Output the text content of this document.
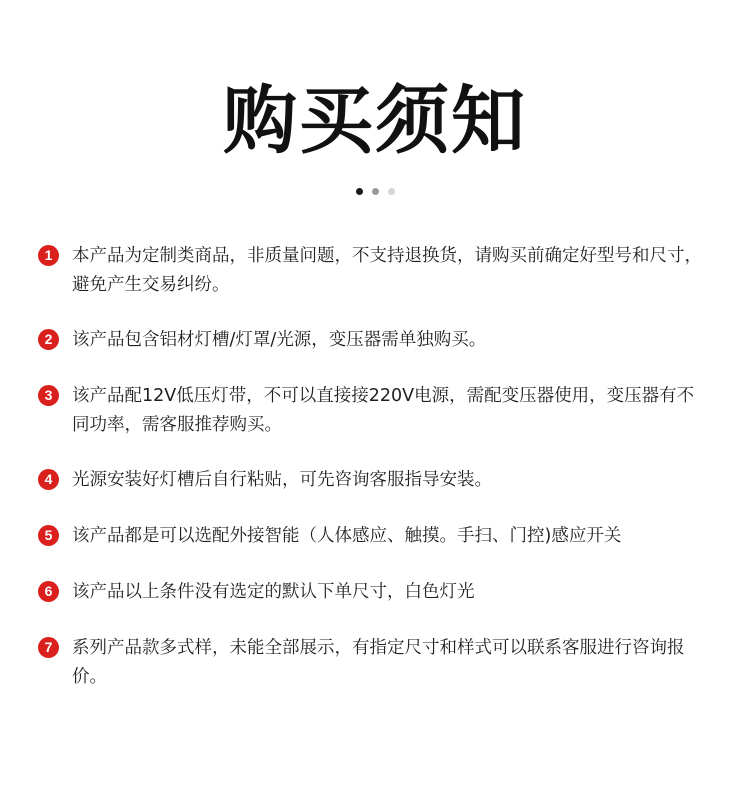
购买须知
1	本产品为定制类商品，非质量问题，不支持退换货，请购买前确定好型号和尺寸，避免产生交易纠纷。
2	该产品包含铝材灯槽/灯罩/光源，变压器需单独购买。
3	该产品配12V低压灯带，不可以直接接220V电源，需配变压器使用，变压器有不同功率，需客服推荐购买。
4	光源安装好灯槽后自行粘贴，可先咨询客服指导安装。
5	该产品都是可以选配外接智能（人体感应、触摸。手扫、门控)感应开关
6	该产品以上条件没有选定的默认下单尺寸，白色灯光
7	系列产品款多式样，未能全部展示，有指定尺寸和样式可以联系客服进行咨询报价。
